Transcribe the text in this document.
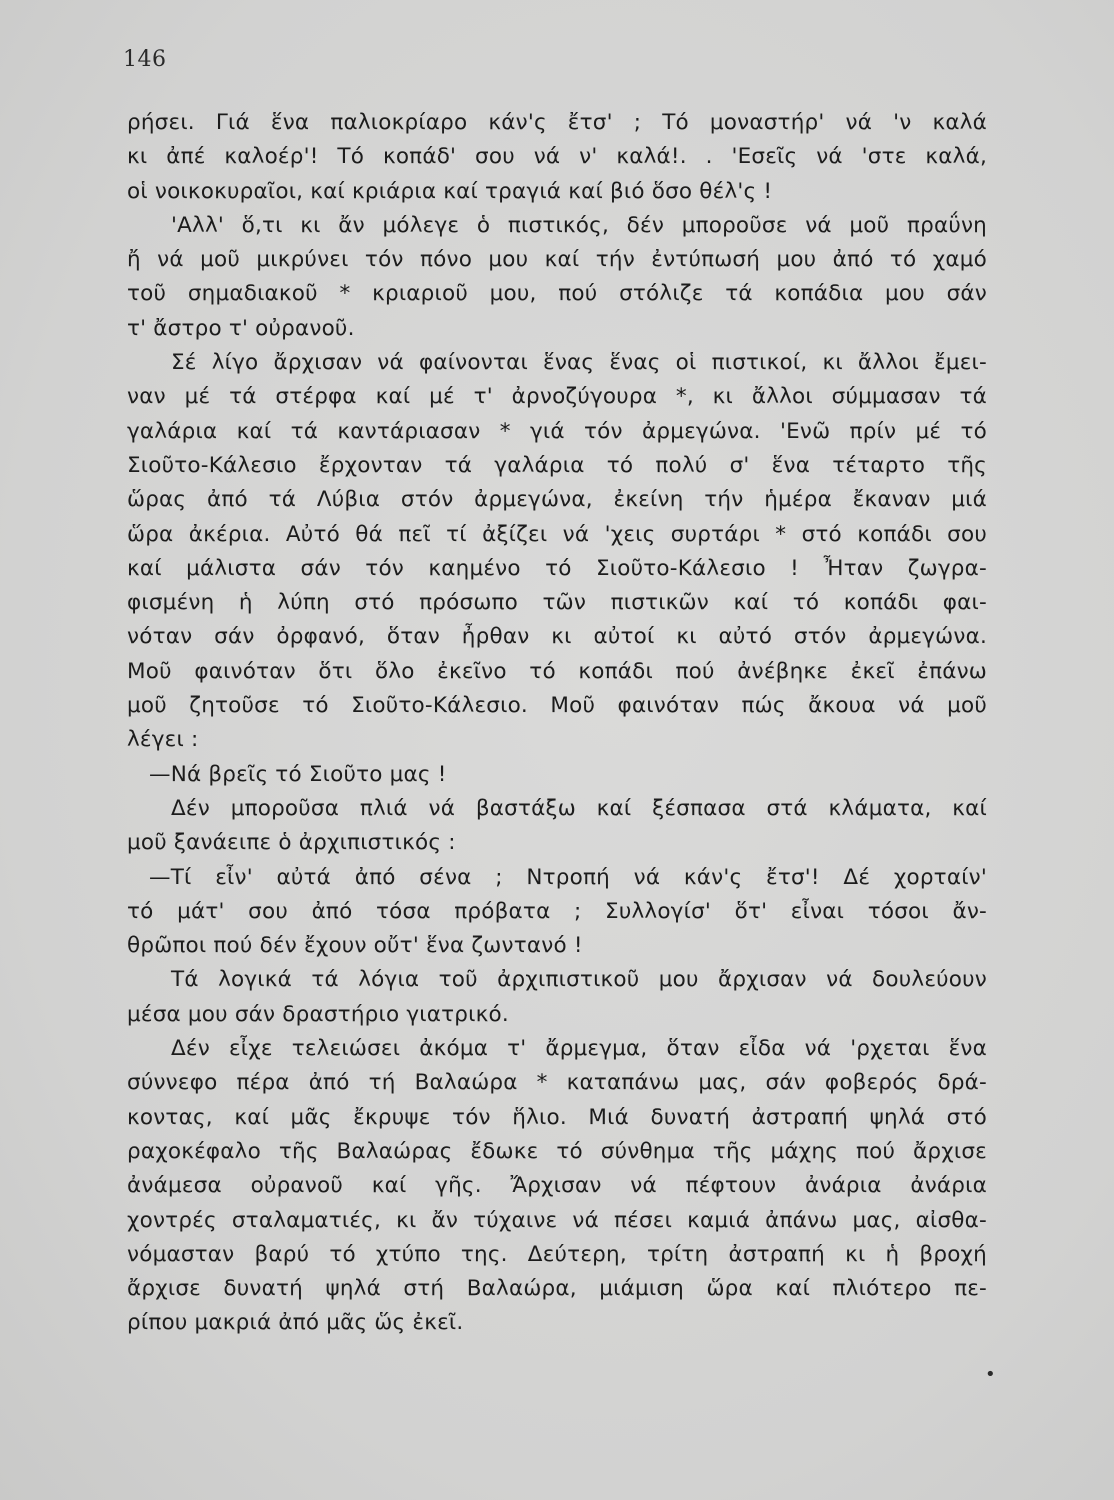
146
ρήσει. Γιά ἕνα παλιοκρίαρο κάν'ς ἔτσ' ; Τό μοναστήρ' νά 'ν καλά
κι ἀπέ καλοέρ'! Τό κοπάδ' σου νά ν' καλά!. . 'Εσεῖς νά 'στε καλά,
οἱ νοικοκυραῖοι, καί κριάρια καί τραγιά καί βιό ὅσο θέλ'ς !
'Αλλ' ὅ,τι κι ἄν μόλεγε ὁ πιστικός, δέν μποροῦσε νά μοῦ πραΰνη
ἤ νά μοῦ μικρύνει τόν πόνο μου καί τήν ἐντύπωσή μου ἀπό τό χαμό
τοῦ σημαδιακοῦ * κριαριοῦ μου, πού στόλιζε τά κοπάδια μου σάν
τ' ἄστρο τ' οὐρανοῦ.
Σέ λίγο ἄρχισαν νά φαίνονται ἕνας ἕνας οἱ πιστικοί, κι ἄλλοι ἔμει-
ναν μέ τά στέρφα καί μέ τ' ἀρνοζύγουρα *, κι ἄλλοι σύμμασαν τά
γαλάρια καί τά καντάριασαν * γιά τόν ἀρμεγώνα. 'Ενῶ πρίν μέ τό
Σιοῦτο-Κάλεσιο ἔρχονταν τά γαλάρια τό πολύ σ' ἕνα τέταρτο τῆς
ὥρας ἀπό τά Λύβια στόν ἀρμεγώνα, ἐκείνη τήν ἡμέρα ἔκαναν μιά
ὥρα ἀκέρια. Αὐτό θά πεῖ τί ἀξίζει νά 'χεις συρτάρι * στό κοπάδι σου
καί μάλιστα σάν τόν καημένο τό Σιοῦτο-Κάλεσιο ! Ἦταν ζωγρα-
φισμένη ἡ λύπη στό πρόσωπο τῶν πιστικῶν καί τό κοπάδι φαι-
νόταν σάν ὀρφανό, ὅταν ἦρθαν κι αὐτοί κι αὐτό στόν ἀρμεγώνα.
Μοῦ φαινόταν ὅτι ὅλο ἐκεῖνο τό κοπάδι πού ἀνέβηκε ἐκεῖ ἐπάνω
μοῦ ζητοῦσε τό Σιοῦτο-Κάλεσιο. Μοῦ φαινόταν πώς ἄκουα νά μοῦ
λέγει :
—Νά βρεῖς τό Σιοῦτο μας !
Δέν μποροῦσα πλιά νά βαστάξω καί ξέσπασα στά κλάματα, καί
μοῦ ξανάειπε ὁ ἀρχιπιστικός :
—Τί εἶν' αὐτά ἀπό σένα ; Ντροπή νά κάν'ς ἔτσ'! Δέ χορταίν'
τό μάτ' σου ἀπό τόσα πρόβατα ; Συλλογίσ' ὅτ' εἶναι τόσοι ἄν-
θρῶποι πού δέν ἔχουν οὔτ' ἕνα ζωντανό !
Τά λογικά τά λόγια τοῦ ἀρχιπιστικοῦ μου ἄρχισαν νά δουλεύουν
μέσα μου σάν δραστήριο γιατρικό.
Δέν εἶχε τελειώσει ἀκόμα τ' ἄρμεγμα, ὅταν εἶδα νά 'ρχεται ἕνα
σύννεφο πέρα ἀπό τή Βαλαώρα * καταπάνω μας, σάν φοβερός δρά-
κοντας, καί μᾶς ἔκρυψε τόν ἥλιο. Μιά δυνατή ἀστραπή ψηλά στό
ραχοκέφαλο τῆς Βαλαώρας ἔδωκε τό σύνθημα τῆς μάχης πού ἄρχισε
ἀνάμεσα οὐρανοῦ καί γῆς. Ἄρχισαν νά πέφτουν ἀνάρια ἀνάρια
χοντρές σταλαματιές, κι ἄν τύχαινε νά πέσει καμιά ἀπάνω μας, αἰσθα-
νόμασταν βαρύ τό χτύπο της. Δεύτερη, τρίτη ἀστραπή κι ἡ βροχή
ἄρχισε δυνατή ψηλά στή Βαλαώρα, μιάμιση ὥρα καί πλιότερο πε-
ρίπου μακριά ἀπό μᾶς ὥς ἐκεῖ.
•
